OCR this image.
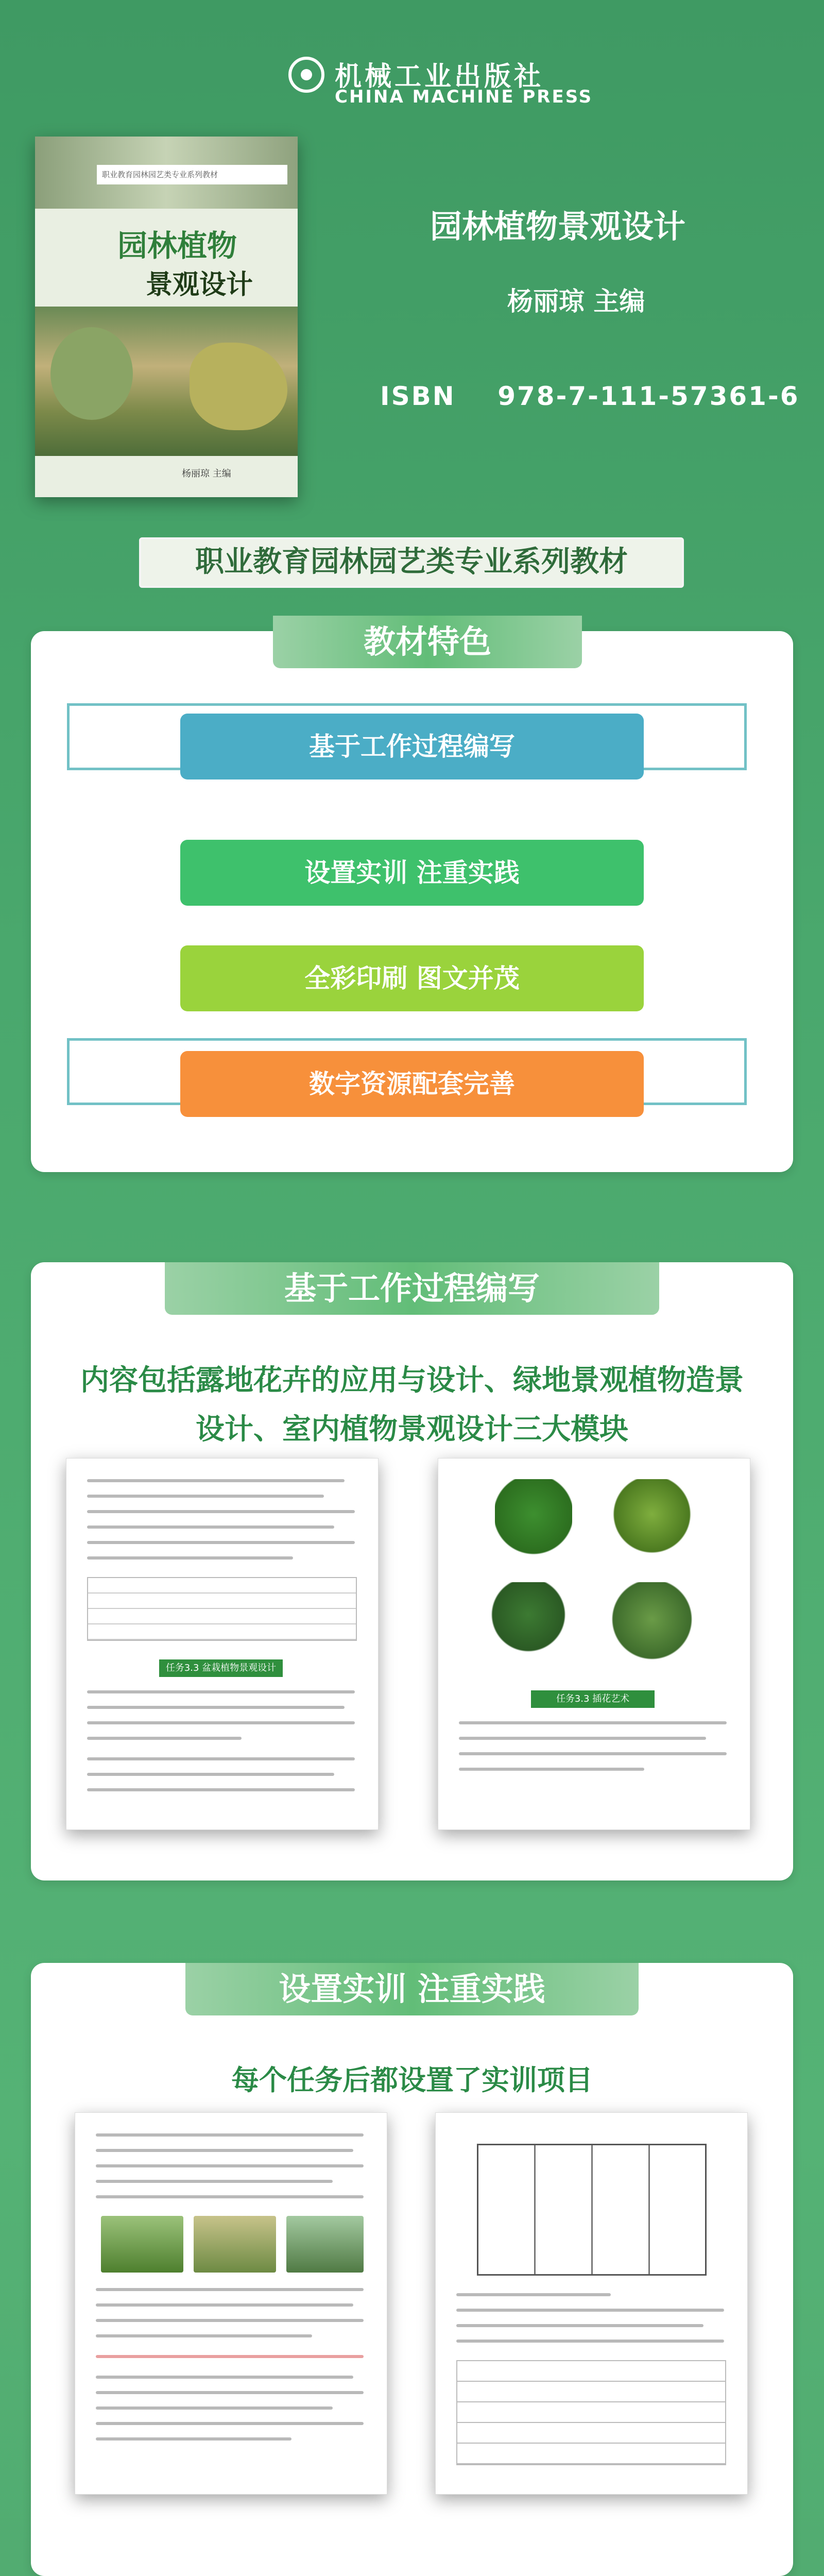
机械工业出版社
CHINA MACHINE PRESS
职业教育园林园艺类专业系列教材
园林植物
景观设计
杨丽琼 主编
园林植物景观设计
杨丽琼 主编
ISBN 978-7-111-57361-6
职业教育园林园艺类专业系列教材
教材特色
基于工作过程编写
设置实训 注重实践
全彩印刷 图文并茂
数字资源配套完善
基于工作过程编写
内容包括露地花卉的应用与设计、绿地景观植物造景
设计、室内植物景观设计三大模块
任务3.3 盆栽植物景观设计
任务3.3 插花艺术
设置实训 注重实践
每个任务后都设置了实训项目
